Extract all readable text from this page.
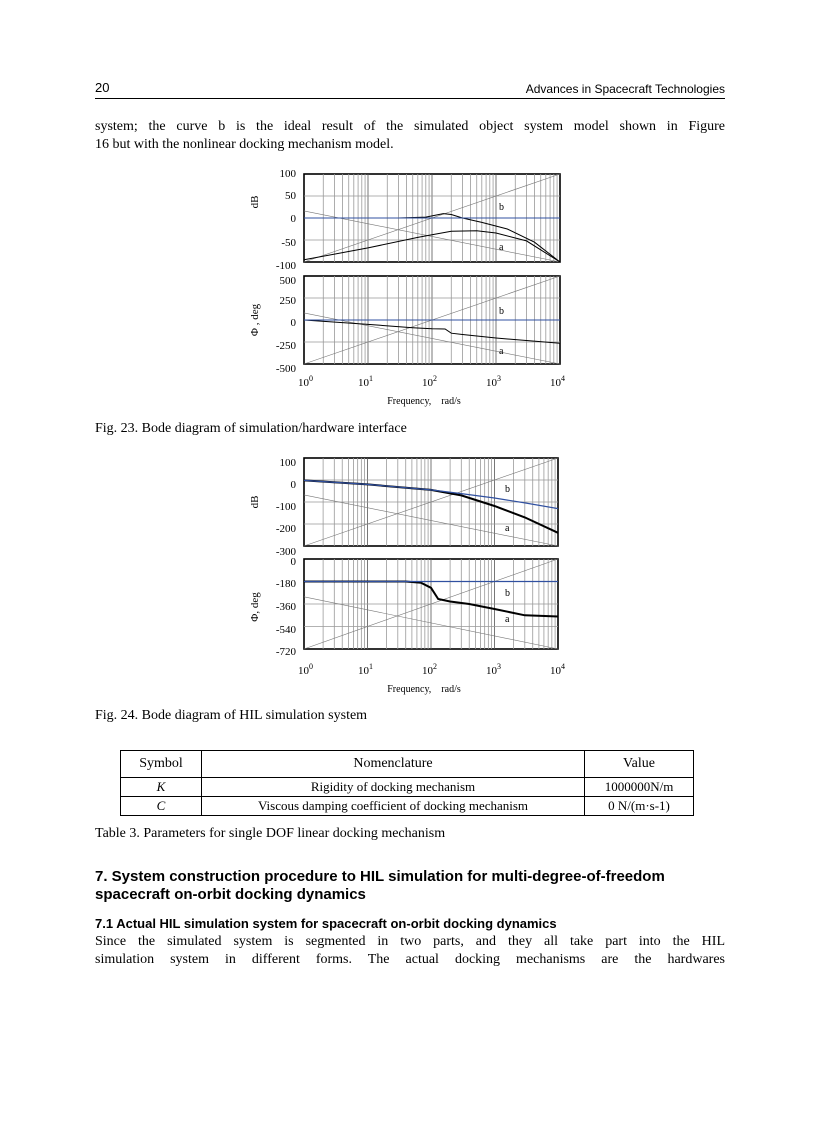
20	Advances in Spacecraft Technologies
system; the curve b is the ideal result of the simulated object system model shown in Figure
16 but with the nonlinear docking mechanism model.
100
50
0
-50
-100
dB	b
a
500
250
0
-250
-500
Φ , deg	b
a
$10^0$	$10^1$	$10^2$	$10^3$	$10^4$
Frequency,    rad/s
Fig. 23. Bode diagram of simulation/hardware interface
100
0
-100
-200
-300
dB
b
a
0
-180
-360
-540
-720
Φ, deg	b
a
$10^0$	$10^1$	$10^2$	$10^3$	$10^4$
Frequency,    rad/s
Fig. 24. Bode diagram of HIL simulation system
Symbol	Nomenclature	Value
K	Rigidity of docking mechanism	1000000N/m
C	Viscous damping coefficient of docking mechanism	0 N/(m·s-1)
Table 3. Parameters for single DOF linear docking mechanism
7. System construction procedure to HIL simulation for multi-degree-of-freedom spacecraft on-orbit docking dynamics
7.1 Actual HIL simulation system for spacecraft on-orbit docking dynamics
Since the simulated system is segmented in two parts, and they all take part into the HIL
simulation system in different forms. The actual docking mechanisms are the hardwares
